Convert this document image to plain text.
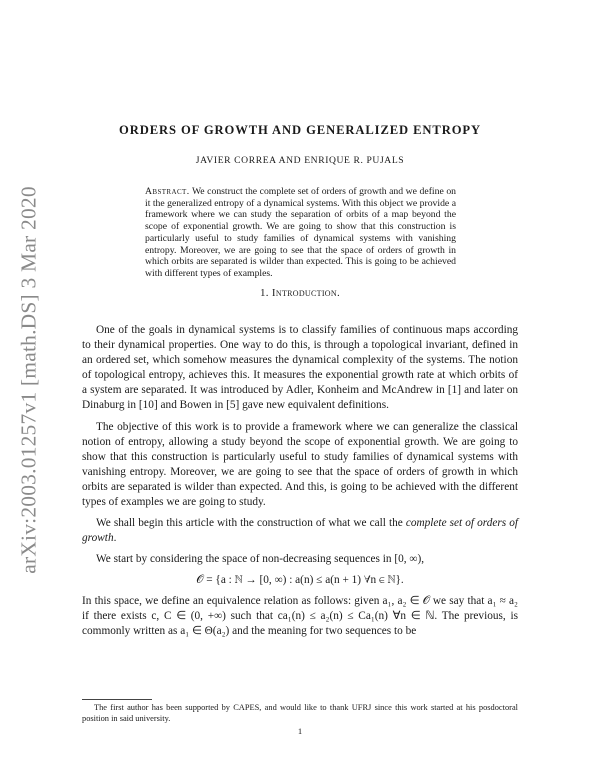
arXiv:2003.01257v1 [math.DS] 3 Mar 2020
ORDERS OF GROWTH AND GENERALIZED ENTROPY
JAVIER CORREA AND ENRIQUE R. PUJALS
Abstract. We construct the complete set of orders of growth and we define on it the generalized entropy of a dynamical systems. With this object we provide a framework where we can study the separation of orbits of a map beyond the scope of exponential growth. We are going to show that this construction is particularly useful to study families of dynamical systems with vanishing entropy. Moreover, we are going to see that the space of orders of growth in which orbits are separated is wilder than expected. This is going to be achieved with different types of examples.
1. Introduction.

One of the goals in dynamical systems is to classify families of continuous maps according to their dynamical properties. One way to do this, is through a topological invariant, defined in an ordered set, which somehow measures the dynamical complexity of the systems. The notion of topological entropy, achieves this. It measures the exponential growth rate at which orbits of a system are separated. It was introduced by Adler, Konheim and McAndrew in [1] and later on Dinaburg in [10] and Bowen in [5] gave new equivalent definitions.

The objective of this work is to provide a framework where we can generalize the classical notion of entropy, allowing a study beyond the scope of exponential growth. We are going to show that this construction is particularly useful to study families of dynamical systems with vanishing entropy. Moreover, we are going to see that the space of orders of growth in which orbits are separated is wilder than expected. And this, is going to be achieved with the different types of examples we are going to study.

We shall begin this article with the construction of what we call the complete set of orders of growth.

We start by considering the space of non-decreasing sequences in [0, ∞),

𝒪 = {a : ℕ → [0, ∞) : a(n) ≤ a(n + 1) ∀n ∈ ℕ}.

In this space, we define an equivalence relation as follows: given a₁, a₂ ∈ 𝒪 we say that a₁ ≈ a₂ if there exists c, C ∈ (0, +∞) such that ca₁(n) ≤ a₂(n) ≤ Ca₁(n) ∀n ∈ ℕ. The previous, is commonly written as a₁ ∈ Θ(a₂) and the meaning for two sequences to be

The first author has been supported by CAPES, and would like to thank UFRJ since this work started at his posdoctoral position in said university.
1
